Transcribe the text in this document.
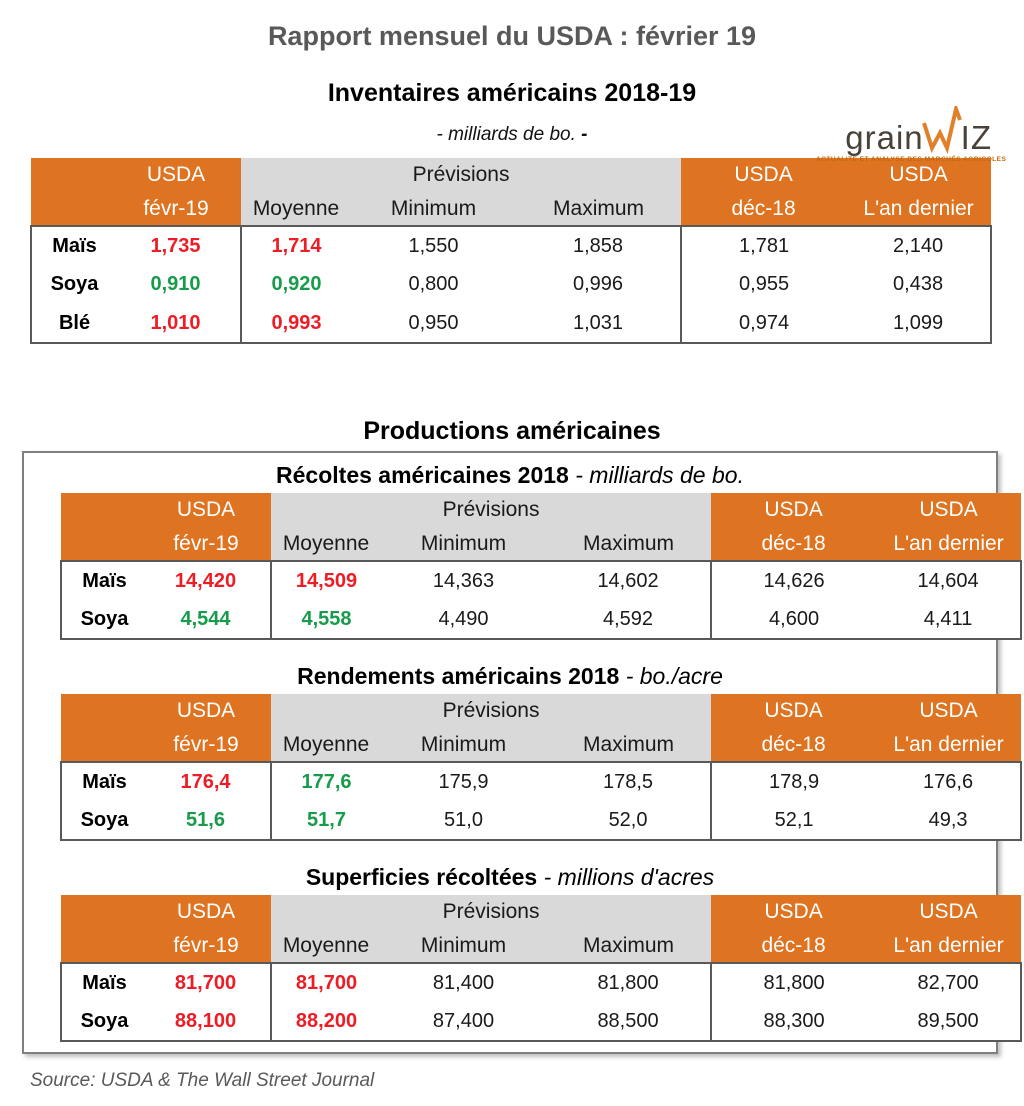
Rapport mensuel du USDA : février 19
grain IZ
ACTUALITÉ ET ANALYSE DES MARCHÉS AGRICOLES
Inventaires américains 2018-19
- milliards de bo. -
USDA		Prévisions			USDA	USDA
févr-19		Moyenne	Minimum	Maximum	déc-18	L'an dernier
Maïs	1,735	1,714	1,550	1,858	1,781	2,140
Soya	0,910	0,920	0,800	0,996	0,955	0,438
Blé	1,010	0,993	0,950	1,031	0,974	1,099
Productions américaines
Récoltes américaines 2018 - milliards de bo.
USDA		Prévisions			USDA	USDA
févr-19		Moyenne	Minimum	Maximum	déc-18	L'an dernier
Maïs	14,420	14,509	14,363	14,602	14,626	14,604
Soya	4,544	4,558	4,490	4,592	4,600	4,411
Rendements américains 2018 - bo./acre
USDA		Prévisions			USDA	USDA
févr-19		Moyenne	Minimum	Maximum	déc-18	L'an dernier
Maïs	176,4	177,6	175,9	178,5	178,9	176,6
Soya	51,6	51,7	51,0	52,0	52,1	49,3
Superficies récoltées - millions d'acres
USDA		Prévisions			USDA	USDA
févr-19		Moyenne	Minimum	Maximum	déc-18	L'an dernier
Maïs	81,700	81,700	81,400	81,800	81,800	82,700
Soya	88,100	88,200	87,400	88,500	88,300	89,500
Source: USDA & The Wall Street Journal
